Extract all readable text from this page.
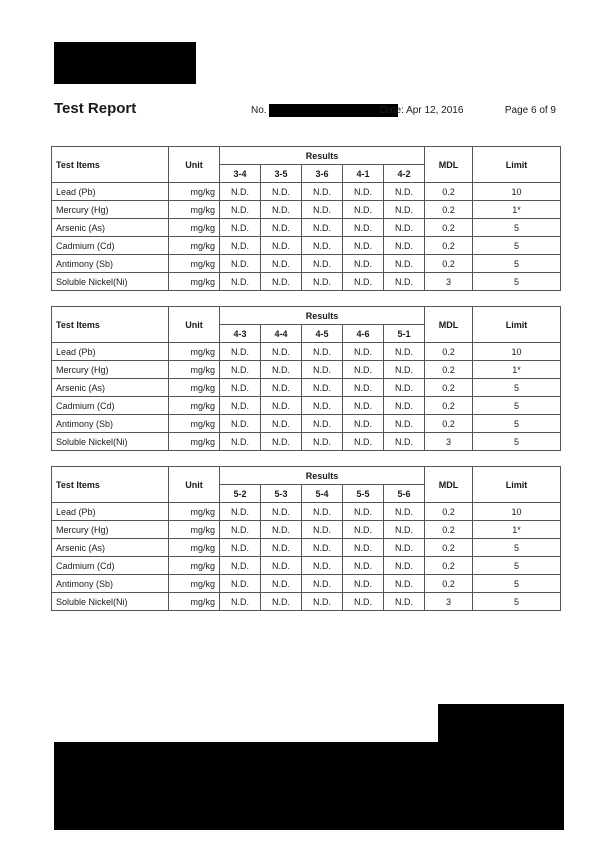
Test Report	No.	Date: Apr 12, 2016	Page 6 of 9
Test Items	Unit	Results					MDL	Limit
		3-4	3-5	3-6	4-1	4-2		
Lead (Pb)	mg/kg	N.D.	N.D.	N.D.	N.D.	N.D.	0.2	10
Mercury (Hg)	mg/kg	N.D.	N.D.	N.D.	N.D.	N.D.	0.2	1*
Arsenic (As)	mg/kg	N.D.	N.D.	N.D.	N.D.	N.D.	0.2	5
Cadmium (Cd)	mg/kg	N.D.	N.D.	N.D.	N.D.	N.D.	0.2	5
Antimony (Sb)	mg/kg	N.D.	N.D.	N.D.	N.D.	N.D.	0.2	5
Soluble Nickel(Ni)	mg/kg	N.D.	N.D.	N.D.	N.D.	N.D.	3	5
Test Items	Unit	Results					MDL	Limit
		4-3	4-4	4-5	4-6	5-1		
Lead (Pb)	mg/kg	N.D.	N.D.	N.D.	N.D.	N.D.	0.2	10
Mercury (Hg)	mg/kg	N.D.	N.D.	N.D.	N.D.	N.D.	0.2	1*
Arsenic (As)	mg/kg	N.D.	N.D.	N.D.	N.D.	N.D.	0.2	5
Cadmium (Cd)	mg/kg	N.D.	N.D.	N.D.	N.D.	N.D.	0.2	5
Antimony (Sb)	mg/kg	N.D.	N.D.	N.D.	N.D.	N.D.	0.2	5
Soluble Nickel(Ni)	mg/kg	N.D.	N.D.	N.D.	N.D.	N.D.	3	5
Test Items	Unit	Results					MDL	Limit
		5-2	5-3	5-4	5-5	5-6		
Lead (Pb)	mg/kg	N.D.	N.D.	N.D.	N.D.	N.D.	0.2	10
Mercury (Hg)	mg/kg	N.D.	N.D.	N.D.	N.D.	N.D.	0.2	1*
Arsenic (As)	mg/kg	N.D.	N.D.	N.D.	N.D.	N.D.	0.2	5
Cadmium (Cd)	mg/kg	N.D.	N.D.	N.D.	N.D.	N.D.	0.2	5
Antimony (Sb)	mg/kg	N.D.	N.D.	N.D.	N.D.	N.D.	0.2	5
Soluble Nickel(Ni)	mg/kg	N.D.	N.D.	N.D.	N.D.	N.D.	3	5
